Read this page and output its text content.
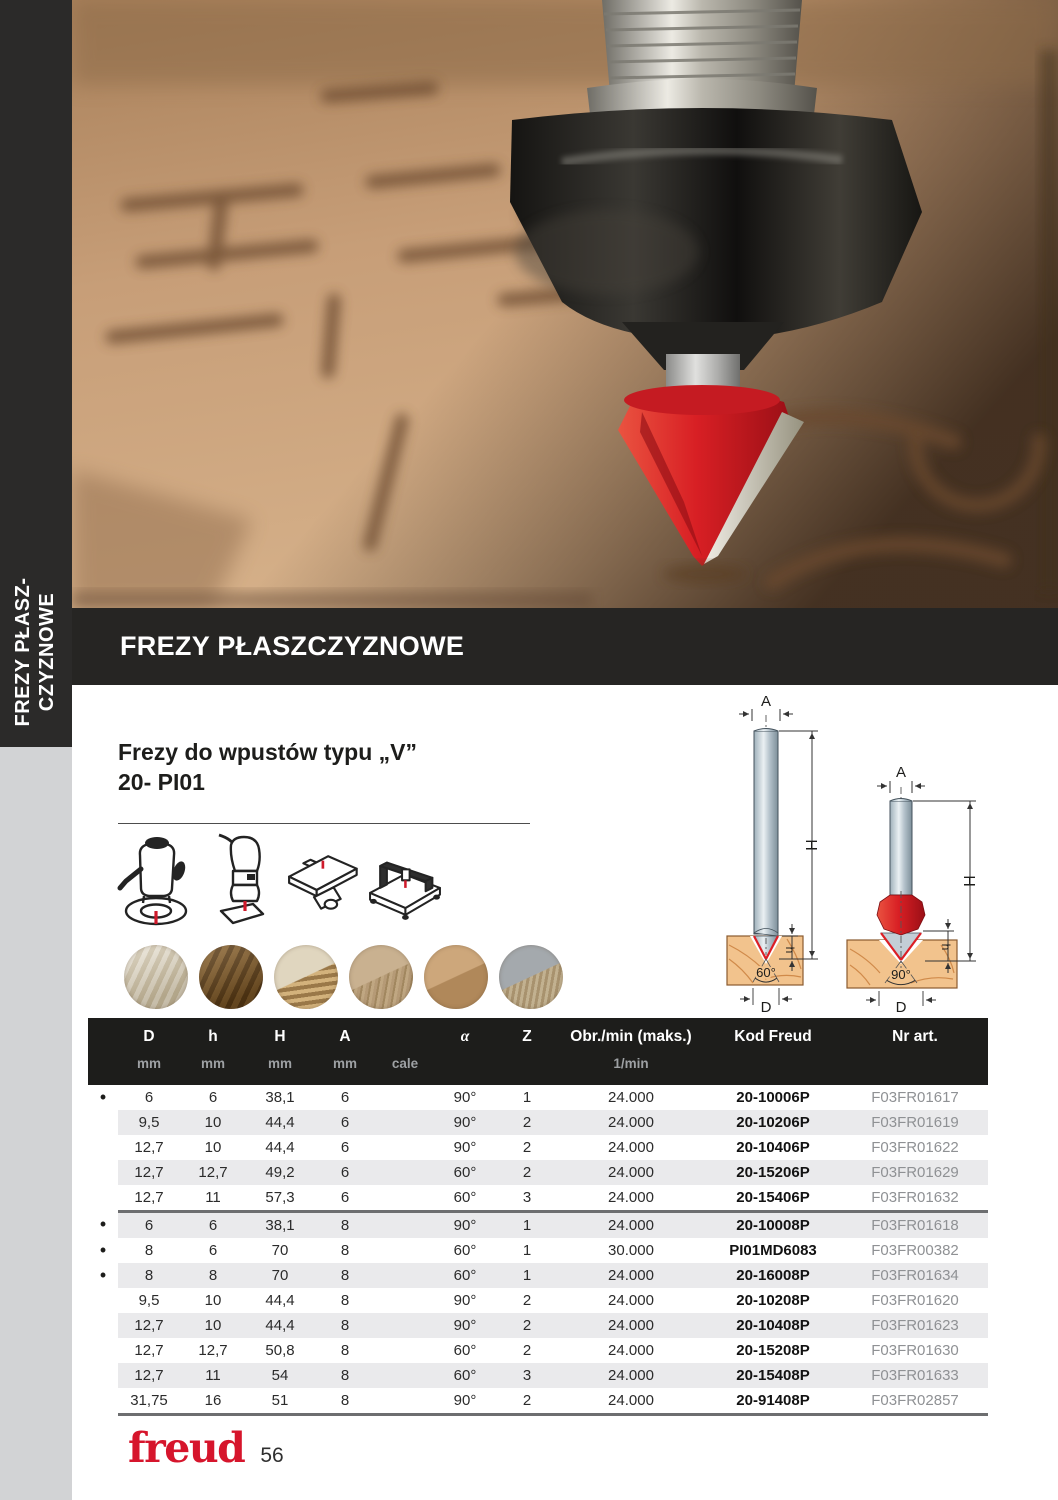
FREZY PŁASZ- CZYZNOWE FREZY PŁASZCZYZNOWE
Frezy do wpustów typu „V”
20- PI01
A
H
h
60°
D
A
H
h
90°
D
	D	h	H	A		α	Z	Obr./min (maks.)	Kod Freud	Nr art.
	mm	mm	mm	mm	cale			1/min		
•	6	6	38,1	6		90°	1	24.000	20-10006P	F03FR01617
	9,5	10	44,4	6		90°	2	24.000	20-10206P	F03FR01619
	12,7	10	44,4	6		90°	2	24.000	20-10406P	F03FR01622
	12,7	12,7	49,2	6		60°	2	24.000	20-15206P	F03FR01629
	12,7	11	57,3	6		60°	3	24.000	20-15406P	F03FR01632
•	6	6	38,1	8		90°	1	24.000	20-10008P	F03FR01618
•	8	6	70	8		60°	1	30.000	PI01MD6083	F03FR00382
•	8	8	70	8		60°	1	24.000	20-16008P	F03FR01634
	9,5	10	44,4	8		90°	2	24.000	20-10208P	F03FR01620
	12,7	10	44,4	8		90°	2	24.000	20-10408P	F03FR01623
	12,7	12,7	50,8	8		60°	2	24.000	20-15208P	F03FR01630
	12,7	11	54	8		60°	3	24.000	20-15408P	F03FR01633
	31,75	16	51	8		90°	2	24.000	20-91408P	F03FR02857
freud 56
